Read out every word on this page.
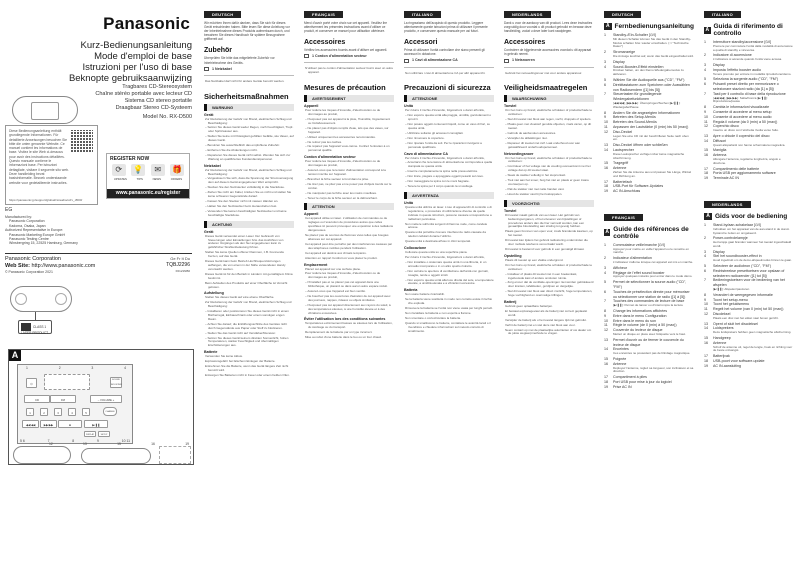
Panasonic
Kurz-Bedienungsanleitung
Mode d'emploi de base
Istruzioni per l'uso di base
Beknopte gebruiksaanwijzing
Tragbares CD-Stereosystem
Chaîne stéréo portable avec lecteur CD
Sistema CD stereo portatile
Draagbaar Stereo CD-Systeem
Model No. RX-D500
Diese Bedienungsanleitung enthält grundlegende Informationen. Für detaillierte Anweisungen besuchen Sie bitte die unten genannte Website. Ce manuel contient les informations de base. Visitez le site Web ci-dessous pour avoir des instructions détaillées. Questo manuale contiene le informazioni base. Per istruzioni dettagliate, visitare il seguente sito web. Deze handleiding bevat basisinformatie. Bezoek onderstaande website voor gedetailleerde instructies.
https://panasonic.jp/support/global/cs/audio/oi/rx_d500/
REGISTER NOW
⟳	💡	✉	🎁
UPDATES	TIPS	NEWS	OFFERS
www.panasonic.eu/register
EG
Manufactured by:
Panasonic Corporation
Kadoma, Osaka, Japan
Authorized Representative in Europe:
Panasonic Marketing Europe GmbH
Panasonic Testing Centre
Winsbergring 15, 22525 Hamburg, Germany
Panasonic Corporation
Web Site: http://www.panasonic.com
© Panasonic Corporation 2021
Ge Fr It Du
TQBJ2296
F0121NB0
CLASS 1 LASER PRODUCT
A
1	2	3	4
⏻
SOUND BOOSTER
CD	FM	– VOLUME +
1	2	3	4	5	CHANGE
◀◀/◀◀	▶▶/▶▶	■	▶/❚❚
DISPLAY	SETUP
5 6	7	8	9	10 11
12	13	15	16	19
DEUTSCH
Wir möchten Ihnen dafür danken, dass Sie sich für dieses Gerät entschieden haben. Bitte lesen Sie diese Anleitung vor der Inbetriebnahme dieses Produkts aufmerksam durch, und bewahren Sie dieses Handbuch für spätere Bezugnahme griffbereit auf.
Zubehör
Überprüfen Sie bitte das mitgelieferte Zubehör vor Inbetriebnahme des Geräts.
1 Netzkabel
Das Netzkabel darf nicht für andere Geräte benutzt werden.
Sicherheitsmaßnahmen
WARNUNG
Gerät
Zur Reduzierung der Gefahr von Brand, elektrischem Schlag und Beschädigung:
– Setzen Sie dieses Gerät weder Regen, noch Feuchtigkeit, Tropf- oder Spritzwasser aus.
– Stellen Sie keine mit Flüssigkeit gefüllten Gefäße, wie Vasen, auf dieses Gerät.
– Benutzen Sie ausschließlich das empfohlene Zubehör.
– Entfernen Sie die Abdeckungen nicht.
– Reparieren Sie dieses Gerät nicht selbst. Wenden Sie sich zur Wartung an qualifiziertes Kundendienstpersonal.
Netzkabel
Zur Reduzierung der Gefahr von Brand, elektrischem Schlag und Beschädigung:
– Vergewissern Sie sich, dass die Spannung der Stromversorgung dem auf diesem Gerät angegebenen Wert entspricht.
– Stecken Sie den Netzstecker vollständig in die Steckdose.
– Ziehen Sie nicht am Kabel, knicken Sie es nicht und stellen Sie keine schweren Gegenstände darauf.
– Fassen Sie den Stecker nicht mit nassen Händen an.
– Halten Sie den Netzstecker beim Herausziehen fest.
– Verwenden Sie keinen beschädigten Netzstecker und keine beschädigte Steckdose.
ACHTUNG
Gerät
Dieses Gerät verwendet einen Laser. Der Gebrauch von Steuerungen oder Einstellungen bzw. das Ausführen von anderen Vorgängen als den hier angegebenen kann zu gefährlicher Strahlenbelastung führen.
Stellen Sie keine Quellen offener Flammen, z.B. brennende Kerzen, auf das Gerät.
Dieses Gerät kann beim Betrieb Hochfrequenzstörungen auffangen, die von einem in der Nähe verwendeten Handy verursacht werden.
Dieses Gerät ist für den Betrieb in Ländern mit gemäßigtem Klima bestimmt.
Beim Aufstellen des Produkts auf einer Oberfläche ist Vorsicht geboten.
Aufstellung
Stellen Sie dieses Gerät auf eine ebene Oberfläche.
Zur Reduzierung der Gefahr von Brand, elektrischem Schlag und Beschädigung:
– Installieren oder positionieren Sie dieses Gerät nicht in einem Bücherregal, Einbauschrank oder einem sonstigen engen Raum.
– Achten Sie darauf, die Entlüftungsschlitze des Gerätes nicht durch Gegenstände aus Papier oder Stoff zu blockieren.
– Stellen Sie das Gerät nicht auf Verstärker/Receiver.
– Setzen Sie dieses Gerät keinem direkten Sonnenlicht, hohen Temperaturen, starker Feuchtigkeit und übermäßigen Erschütterungen aus.
Batterie
Verwenden Sie keine Akkus.
Explosionsgefahr bei falschem Einlegen der Batterie.
Entnehmen Sie die Batterie, wenn das Gerät längere Zeit nicht benutzt wird.
Entsorgen Sie Batterien nicht in Feuer oder einem heißen Ofen.
FRANÇAIS
Merci d'avoir porté votre choix sur cet appareil. Veuillez lire attentivement les présentes instructions avant d'utiliser ce produit, et conserver ce manuel pour utilisation ultérieure.
Accessoires
Vérifiez les accessoires fournis avant d'utiliser cet appareil.
1 Cordon d'alimentation secteur
N'utilisez pas le cordon d'alimentation secteur fourni avec un autre appareil.
Mesures de précaution
AVERTISSEMENT
Appareil
Pour réduire les risques d'incendie, d'électrocution ou de dommages au produit,
– N'exposez pas cet appareil à la pluie, l'humidité, l'égouttement ou l'éclaboussement.
– Ne placez pas d'objets remplis d'eau, tels que des vases, sur l'appareil.
– Utilisez uniquement les accessoires recommandés.
– Ne retirez pas les caches.
– Ne réparez pas l'appareil vous-même. Confiez l'entretien à un personnel qualifié.
Cordon d'alimentation secteur
Pour réduire les risques d'incendie, d'électrocution ou de dommages au produit,
– Assurez-vous que la tension d'alimentation correspond à la tension inscrite sur l'appareil.
– Branchez la fiche secteur à fond dans la prise.
– Ne tirez pas, ne pliez pas et ne posez pas d'objets lourds sur le cordon.
– Ne manipulez pas la fiche avec les mains mouillées.
– Tenez le corps de la fiche secteur en la débranchant.
ATTENTION
Appareil
Cet appareil utilise un laser. L'utilisation de commandes ou de réglages ou l'exécution de procédures autres que celles spécifiées ici peuvent provoquer une exposition à des radiations dangereuses.
Ne placez pas de sources de flammes vives telles que bougies allumées sur cet appareil.
Cet appareil peut être perturbé par des interférences causées par des téléphones mobiles pendant l'utilisation.
Cet appareil est destiné aux climats tempérés.
Attention en rapport l'endroit où vous placez le produit.
Emplacement
Placez cet appareil sur une surface plane.
Pour réduire les risques d'incendie, d'électrocution ou de dommages au produit,
– N'installez pas et ne placez pas cet appareil dans une bibliothèque, un placard ou dans aucun autre espace réduit.
– Assurez-vous que l'appareil est bien ventilé.
– Ne bouchez pas les ouvertures d'aération de cet appareil avec des journaux, nappes, rideaux ou objets similaires.
– N'exposez pas cet appareil directement aux rayons du soleil, à des températures élevées, à une humidité élevée et à des vibrations excessives.
Éviter l'utilisation lors des conditions suivantes
Températures extrêmement basses ou élevées lors de l'utilisation, du stockage ou du transport.
Remplacement de la batterie par un type incorrect.
Mise au rebut d'une batterie dans le feu ou un four chaud.
ITALIANO
La ringraziamo dell'acquisto di questo prodotto. Leggere attentamente queste istruzioni prima di utilizzare il presente prodotto, e conservare questo manuale per usi futuri.
Accessori
Prima di utilizzare l'unità controllare che siano presenti gli accessori in dotazione.
1 Cavi di alimentazione CA
Non utilizzare i cavi di alimentazione CA per altri apparecchi.
Precauzioni di sicurezza
ATTENZIONE
Unità
Per ridurre il rischio d'incendio, folgorazioni o danni all'unità,
– Non esporre questa unità alla pioggia, umidità, gocciolamenti o spruzzi.
– Non posare oggetti contenenti liquidi, come un vaso di fiori, su questa unità.
– Utilizzare soltanto gli accessori consigliati.
– Non rimuovere le coperture.
– Non riparare l'unità da soli. Per le riparazioni rivolgersi a personale qualificato.
Cavo di alimentazione CA
Per ridurre il rischio d'incendio, folgorazioni o danni all'unità,
– Accertarsi che la tensione di alimentazione corrisponda a quella stampata su questa unità.
– Inserire completamente la spina nella presa elettrica.
– Non tirare, piegare o appoggiare oggetti pesanti sul cavo.
– Non maneggiare la spina con le mani bagnate.
– Tenere la spina per il corpo quando la si scollega.
AVVERTENZA
Unità
Questa unità utilizza un laser. L'uso di apparecchi di controllo o di regolazione, o procedure di utilizzazione diverse da quelle indicate in queste istruzioni, possono causare un'esposizione a radiazioni pericolose.
Non mettere sull'unità sorgenti di fiamme nude, come candele accese.
Questa unità potrebbe ricevere interferenze radio causate da telefoni cellulari durante l'utilizzo.
Questa unità è destinata all'uso in climi temperati.
Collocazione
Collocare questa unità su una superficie piana.
Per ridurre il rischio d'incendio, folgorazioni o danni all'unità,
– Non installare o sistemare questa unità in una libreria, in un armadio incorporato o in un altro spazio ristretto.
– Non ostruire le aperture di ventilazione dell'unità con giornali, tovaglie, tende e oggetti simili.
– Non esporre questa unità alla luce diretta del sole, a temperature elevate, a umidità elevata e a vibrazioni eccessive.
Batteria
Non usare batterie ricaricabili.
Se la batteria viene sostituita in modo non corretto esiste il rischio che esploda.
Rimuovere la batteria se l'unità non viene usata per lunghi periodi.
Non riscaldare la batteria e non esporla a fiamme.
Non smontare o cortocircuitare la batteria.
Quando si smaltiscono le batterie, contattare le autorità locali o il rivenditore e chiedere informazioni sul metodo corretto di smaltimento.
NEDERLANDS
Dank u voor de aankoop van dit product. Lees deze instructies zorgvuldig door voordat u dit product gebruikt en bewaar deze handleiding, zodat u deze later kunt raadplegen.
Accessoires
Controleer de bijgeleverde accessoires voordat u dit apparaat in gebruik neemt.
1 Netsnoeren
Gebruik het netvoedingsnoer niet voor andere apparatuur.
Veiligheidsmaatregelen
WAARSCHUWING
Toestel
Om het risico op brand, elektrische schokken of productschade te verkleinen:
– Stel dit toestel niet bloot aan regen, vocht, druppels of spetters.
– Plaats geen met vloeistof gevulde objecten, zoals vazen, op dit toestel.
– Gebruik de aanbevolen accessoires.
– Verwijder de afdekkingen niet.
– Repareer dit toestel niet zelf. Laat onderhoud over aan gekwalificeerd onderhoudspersoneel.
Netvoedingsnoer
Om het risico op brand, elektrische schokken of productschade te verkleinen:
– Controleer of het voltage van de voeding overeenkomt met het voltage dat op dit toestel staat.
– Steek de stekker volledig in het stopcontact.
– Trek niet aan het snoer, buig het niet en plaats er geen zware voorwerpen op.
– Pak de stekker niet met natte handen vast.
– Houd de stekker vast bij het loskoppelen.
VOORZICHTIG
Toestel
Dit toestel maakt gebruik van een laser. Het gebruik van bedieningsorganen, of het uitvoeren van bijstellingen of procedures anders dan die hier vermeld worden, kan een gevaarlijke blootstelling aan straling tot gevolg hebben.
Plaats geen bronnen van open vuur, zoals brandende kaarsen, op het toestel.
Dit toestel kan tijdens het gebruik radiostoring ondervinden die door mobiele telefoons veroorzaakt wordt.
Dit toestel is bestemd voor gebruik in een gematigd klimaat.
Opstelling
Plaats dit toestel op een vlakke ondergrond.
Om het risico op brand, elektrische schokken of productschade te verkleinen:
– Installeer of plaats dit toestel niet in een boekenkast, ingebouwde kast of andere omsloten ruimte.
– Zorg ervoor dat de ventilatie-openingen niet worden geblokkeerd door kranten, tafelkleden, gordijnen en dergelijke.
– Stel dit toestel niet bloot aan direct zonlicht, hoge temperaturen, hoge vochtigheid en overmatige trillingen.
Batterij
Gebruik geen oplaadbare batterijen.
Er bestaat explosiegevaar als de batterij niet correct geplaatst wordt.
Verwijder de batterij als u het toestel langere tijd niet gebruikt.
Verhit de batterij niet en stel deze niet bloot aan vuur.
Neem contact op met de plaatselijke autoriteiten of uw dealer om de juiste wegwerpmethode te vragen.
DEUTSCH
A Fernbedienungsanleitung
1	Standby-/Ein-Schalter [⏻/I]
Mit diesem Schalter können Sie das Gerät in den Standby-Modus schalten bzw. wieder einschalten. (⇒ "Technische Daten")
2	Stromanzeige
Die Anzeige leuchtet auf, wenn das Gerät eingeschaltet wird.
3	Display
4	Sound-Booster-Effekt einstellen
Drücken halten, um den Demo-Wiedergabemodus zu aktivieren.
5	Wählen Sie die Audioquelle aus ("CD", "FM")
6	Direkttastaturen zum Speichern oder Auswählen von Radiosendern ([1] bis [5])
7	Steuertasten für grundlegende Wiedergabefunktionen
[◀◀/◀◀], [▶▶/▶▶]: Überspringen/Suchen [▶/❚❚]: Wiedergabe/Pause
8	Ändern Sie die angezeigten Informationen
9	Betreten des Setup-Menüs
10	Betreten des Sound-Menüs
11	Anpassen der Lautstärke (0 (min) bis 50 (max))
12	Disc-Deckel
Legen Sie eine CD mit der beschrifteten Seite nach oben ein.
13	Disc-Deckel öffnen oder schließen
14	Lautsprecher
Diese Lautsprecher verfügen über keine magnetische Abschirmung.
15	Tragegriff
16	Antenne
Ziehen Sie die Antenne aus und passen Sie Länge, Winkel und Richtung an.
17	Batteriefach
18	USB-Port für Software-Updates
19	AC IN-Anschluss
FRANÇAIS
A Guide des références de contrôle
1	Commutateur veille/marche [⏻/I]
Appuyez pour mettre en veille l'appareil ou le remettre en marche.
2	Indicateur d'alimentation
L'indicateur s'allume lorsque cet appareil est mis en marche.
3	Afficheur
4	Réglage de l'effet sound booster
Appuyez quelques instants pour entrer dans le mode démo.
5	Permet de sélectionner la source audio ("CD", "FM")
6	Touches de présélection directe pour mémoriser ou sélectionner une station de radio ([1] à [5])
7	Touches des commandes de lecture de base
[▶/❚❚]: Permet de lancer ou d'interrompre la lecture
8	Change les informations affichées
9	Entre dans le menu Configuration
10	Entre dans le menu du son
11	Règle le volume (de 0 (min) à 50 (max))
12	Couvercle du lecteur de disque
Mettez un disque en place avec l'étiquette vers le haut.
13	Permet d'ouvrir ou de fermer le couvercle du lecteur de disque
14	Enceintes
Ces enceintes ne possèdent pas de blindage magnétique.
15	Poignée
16	Antenne
Déployez l'antenne, réglez sa longueur, son inclinaison et sa direction.
17	Compartiment à piles
18	Port USB pour mise à jour du logiciel
19	Prise AC IN
ITALIANO
A Guida di riferimento di controllo
1	Interruttore standby/accensione [⏻/I]
Premere per commutare l'unità dalla modalità di accensione a quella di standby e viceversa.
2	Indicatore di accensione
L'indicatore si accende quando l'unità viene accesa.
3	Display
4	Imposta l'effetto booster audio
Tenere premuto per entrare in modalità riproduzione/demo.
5	Seleziona la sorgente audio ("CD", "FM")
6	Pulsanti preset diretto per memorizzare o selezionare stazioni radio (da [1] a [5])
7	Tasti per il controllo di base della riproduzione
[◀◀/◀◀], [▶▶/▶▶]: Salta/ricerca [▶/❚❚]: Riproduzione/pausa
8	Cambia le informazioni visualizzate
9	Consente di accedere al menu setup
10	Consente di accedere al menu audio
11	Regola il volume (da 0 (min) a 50 (max))
12	Coperchio disco
Inserire un disco con l'etichetta rivolta verso l'alto.
13	Apre o chiude il coperchio del disco
14	Diffusori
Questi altoparlanti non hanno schermatura magnetica.
15	Maniglia
16	Antenna
Allungare l'antenna, regolarne lunghezza, angolo e direzione.
17	Compartimento delle batterie
18	Porta USB per aggiornamento software
19	Terminale AC IN
NEDERLANDS
A Gids voor de bediening
1	Stand-by/aan-schakelaar [⏻/I]
Indrukken om het apparaat van de aan-stand in de stand-bystand te zetten en omgekeerd.
2	Power-controlelampje
Het lampje gaat branden wanneer het toestel ingeschakeld wordt.
3	Display
4	Stel het soundbooster-effect in
Houd ingedrukt om de demo-afspeelmodus binnen te gaan.
5	Selecteer de audiobron ("CD", "FM")
6	Rechtstreekse presettoetsen voor opslaan of selecteren radiozender ([1] tot [5])
7	Bedieningstoetsen voor de bediening van het afspelen
[▶/❚❚]: Afspelen/pauzeren
8	Verandert de weergegeven informatie
9	Toont het setup-menu
10	Toont het geluidsmenu
11	Regelt het volume (van 0 (min) tot 50 (max))
12	Discdeksel
Plaats een disc met het etiket naar boven gericht.
13	Opent of sluit het discdeksel
14	Luidsprekers
Deze luidsprekers hebben geen magnetische afscherming.
15	Handgreep
16	Antenne
Schuif de antenne uit, regel de lengte, hoek en richting voor de beste ontvangst.
17	Batterijvak
18	USB-poort voor software-update
19	AC IN-aansluiting
